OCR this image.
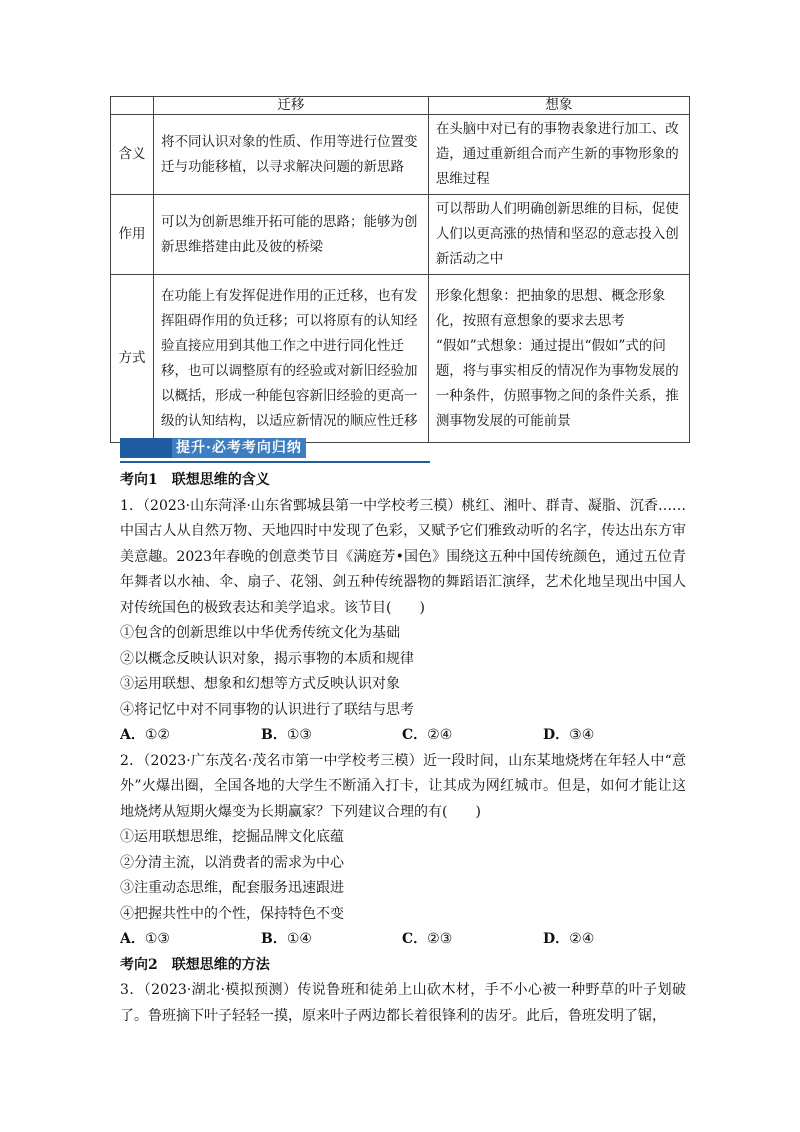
	迁移	想象
含义	将不同认识对象的性质、作用等进行位置变迁与功能移植，以寻求解决问题的新思路	在头脑中对已有的事物表象进行加工、改造，通过重新组合而产生新的事物形象的思维过程
作用	可以为创新思维开拓可能的思路；能够为创新思维搭建由此及彼的桥梁	可以帮助人们明确创新思维的目标，促使人们以更高涨的热情和坚忍的意志投入创新活动之中
方式	在功能上有发挥促进作用的正迁移，也有发挥阻碍作用的负迁移；可以将原有的认知经验直接应用到其他工作之中进行同化性迁移，也可以调整原有的经验或对新旧经验加以概括，形成一种能包容新旧经验的更高一级的认知结构，以适应新情况的顺应性迁移	形象化想象：把抽象的思想、概念形象化，按照有意想象的要求去思考
“假如”式想象：通过提出“假如”式的问题，将与事实相反的情况作为事物发展的一种条件，仿照事物之间的条件关系，推测事物发展的可能前景
提升·必考考向归纳
考向1　联想思维的含义
1．（2023·山东菏泽·山东省鄄城县第一中学校考三模）桃红、湘叶、群青、凝脂、沉香……中国古人从自然万物、天地四时中发现了色彩，又赋予它们雅致动听的名字，传达出东方审美意趣。2023年春晚的创意类节目《满庭芳•国色》围绕这五种中国传统颜色，通过五位青年舞者以水袖、伞、扇子、花翎、剑五种传统器物的舞蹈语汇演绎，艺术化地呈现出中国人对传统国色的极致表达和美学追求。该节目(　　)
①包含的创新思维以中华优秀传统文化为基础
②以概念反映认识对象，揭示事物的本质和规律
③运用联想、想象和幻想等方式反映认识对象
④将记忆中对不同事物的认识进行了联结与思考
A．①②	B．①③	C．②④	D．③④
2．（2023·广东茂名·茂名市第一中学校考三模）近一段时间，山东某地烧烤在年轻人中“意外”火爆出圈，全国各地的大学生不断涌入打卡，让其成为网红城市。但是，如何才能让这地烧烤从短期火爆变为长期赢家？下列建议合理的有(　　)
①运用联想思维，挖掘品牌文化底蕴
②分清主流，以消费者的需求为中心
③注重动态思维，配套服务迅速跟进
④把握共性中的个性，保持特色不变
A．①③	B．①④	C．②③	D．②④
考向2　联想思维的方法
3．（2023·湖北·模拟预测）传说鲁班和徒弟上山砍木材，手不小心被一种野草的叶子划破了。鲁班摘下叶子轻轻一摸，原来叶子两边都长着很锋利的齿牙。此后，鲁班发明了锯，
